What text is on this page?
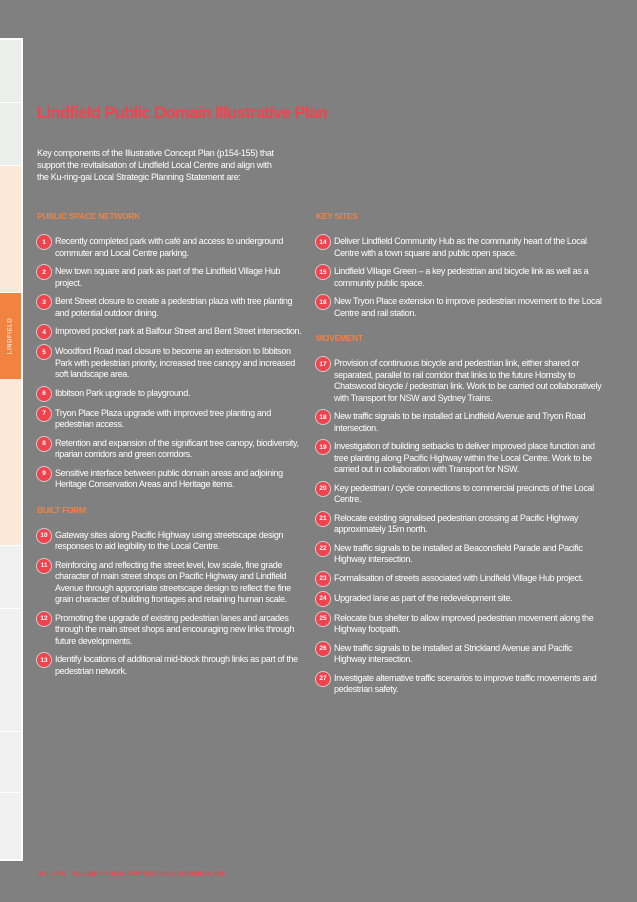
LINDFIELD
Lindfield Public Domain Illustrative Plan
Key components of the Illustrative Concept Plan (p154-155) that support the revitalisation of Lindfield Local Centre and align with the Ku-ring-gai Local Strategic Planning Statement are:
PUBLIC SPACE NETWORK
1	Recently completed park with café and access to underground commuter and Local Centre parking.
2	New town square and park as part of the Lindfield Village Hub project.
3	Bent Street closure to create a pedestrian plaza with tree planting and potential outdoor dining.
4	Improved pocket park at Balfour Street and Bent Street intersection.
5	Woodford Road road closure to become an extension to Ibbitson Park with pedestrian priority, increased tree canopy and increased soft landscape area.
6	Ibbitson Park upgrade to playground.
7	Tryon Place Plaza upgrade with improved tree planting and pedestrian access.
8	Retention and expansion of the significant tree canopy, biodiversity, riparian corridors and green corridors.
9	Sensitive interface between public domain areas and adjoining Heritage Conservation Areas and Heritage items.
BUILT FORM
10 Gateway sites along Pacific Highway using streetscape design responses to aid legibility to the Local Centre.
11 Reinforcing and reflecting the street level, low scale, fine grade character of main street shops on Pacific Highway and Lindfield Avenue through appropriate streetscape design to reflect the fine grain character of building frontages and retaining human scale.
12 Promoting the upgrade of existing pedestrian lanes and arcades through the main street shops and encouraging new links through future developments.
13 Identify locations of additional mid-block through links as part of the pedestrian network.
KEY SITES
14 Deliver Lindfield Community Hub as the community heart of the Local Centre with a town square and public open space.
15 Lindfield Village Green – a key pedestrian and bicycle link as well as a community public space.
16 New Tryon Place extension to improve pedestrian movement to the Local Centre and rail station.
MOVEMENT
17 Provision of continuous bicycle and pedestrian link, either shared or separated, parallel to rail corridor that links to the future Hornsby to Chatswood bicycle / pedestrian link. Work to be carried out collaboratively with Transport for NSW and Sydney Trains.
18 New traffic signals to be installed at Lindfield Avenue and Tryon Road intersection.
19 Investigation of building setbacks to deliver improved place function and tree planting along Pacific Highway within the Local Centre. Work to be carried out in collaboration with Transport for NSW.
20 Key pedestrian / cycle connections to commercial precincts of the Local Centre.
21 Relocate existing signalised pedestrian crossing at Pacific Highway approximately 15m north.
22 New traffic signals to be installed at Beaconsfield Parade and Pacific Highway intersection.
23 Formalisation of streets associated with Lindfield Village Hub project.
24 Upgraded lane as part of the redevelopment site.
25 Relocate bus shelter to allow improved pedestrian movement along the Highway footpath.
26 New traffic signals to be installed at Strickland Avenue and Pacific Highway intersection.
27 Investigate alternative traffic scenarios to improve traffic movements and pedestrian safety.
VOL.2 p57 VOLUME 2: LOCAL CENTRES PUBLIC DOMAIN PLANS
